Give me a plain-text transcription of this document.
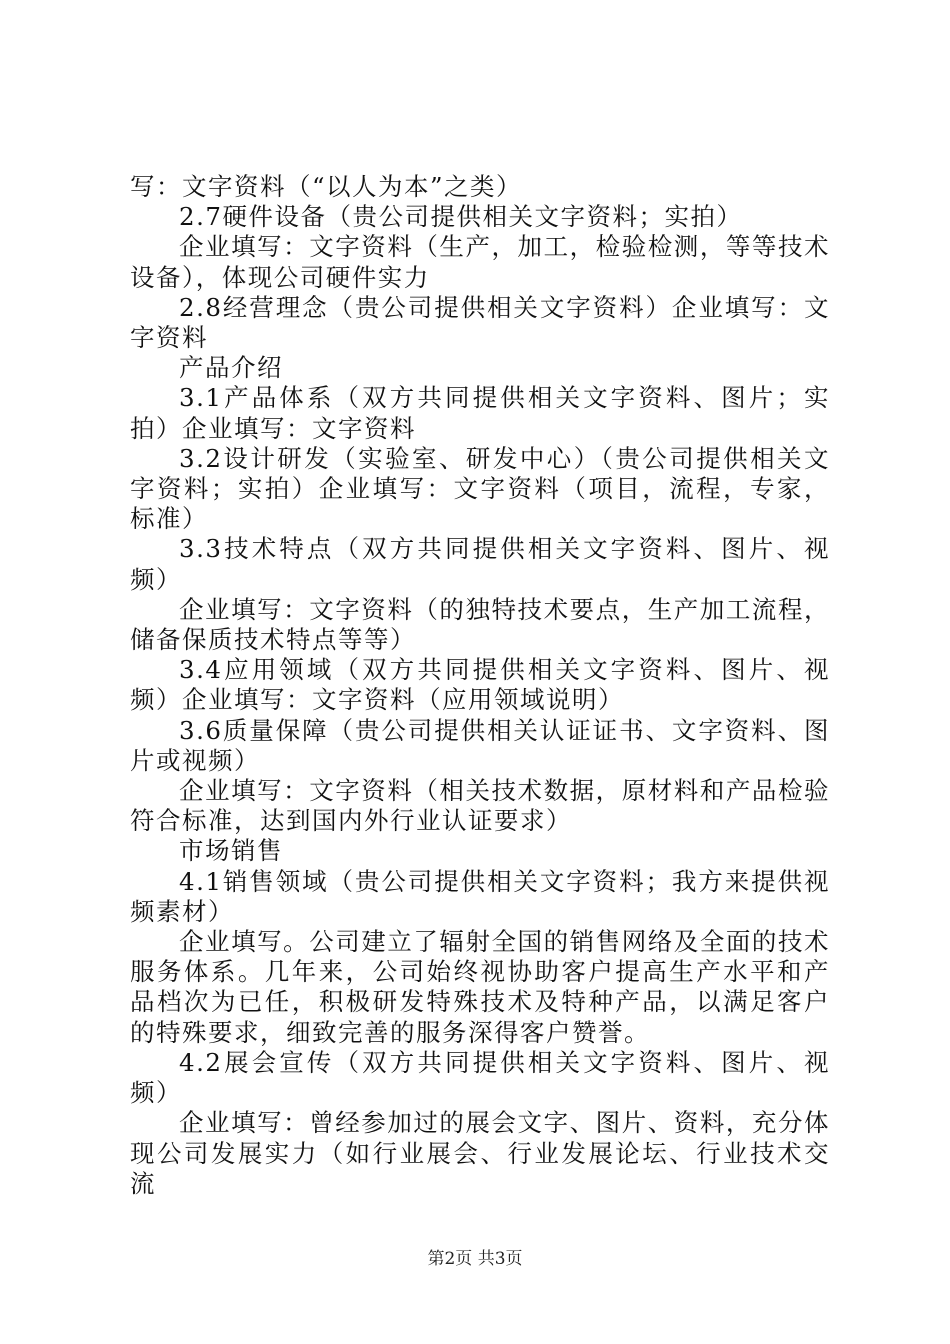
写：文字资料（“以人为本”之类）

2.7硬件设备（贵公司提供相关文字资料；实拍）

企业填写：文字资料（生产，加工，检验检测，等等技术设备），体现公司硬件实力

2.8经营理念（贵公司提供相关文字资料）企业填写：文字资料

产品介绍

3.1产品体系（双方共同提供相关文字资料、图片；实拍）企业填写：文字资料

3.2设计研发（实验室、研发中心）（贵公司提供相关文字资料；实拍）企业填写：文字资料（项目，流程，专家，标准）

3.3技术特点（双方共同提供相关文字资料、图片、视频）

企业填写：文字资料（的独特技术要点，生产加工流程，储备保质技术特点等等）

3.4应用领域（双方共同提供相关文字资料、图片、视频）企业填写：文字资料（应用领域说明）

3.6质量保障（贵公司提供相关认证证书、文字资料、图片或视频）

企业填写：文字资料（相关技术数据，原材料和产品检验符合标准，达到国内外行业认证要求）

市场销售

4.1销售领域（贵公司提供相关文字资料；我方来提供视频素材）

企业填写。公司建立了辐射全国的销售网络及全面的技术服务体系。几年来，公司始终视协助客户提高生产水平和产品档次为已任，积极研发特殊技术及特种产品，以满足客户的特殊要求，细致完善的服务深得客户赞誉。

4.2展会宣传（双方共同提供相关文字资料、图片、视频）

企业填写：曾经参加过的展会文字、图片、资料，充分体现公司发展实力（如行业展会、行业发展论坛、行业技术交流

第2页 共3页
